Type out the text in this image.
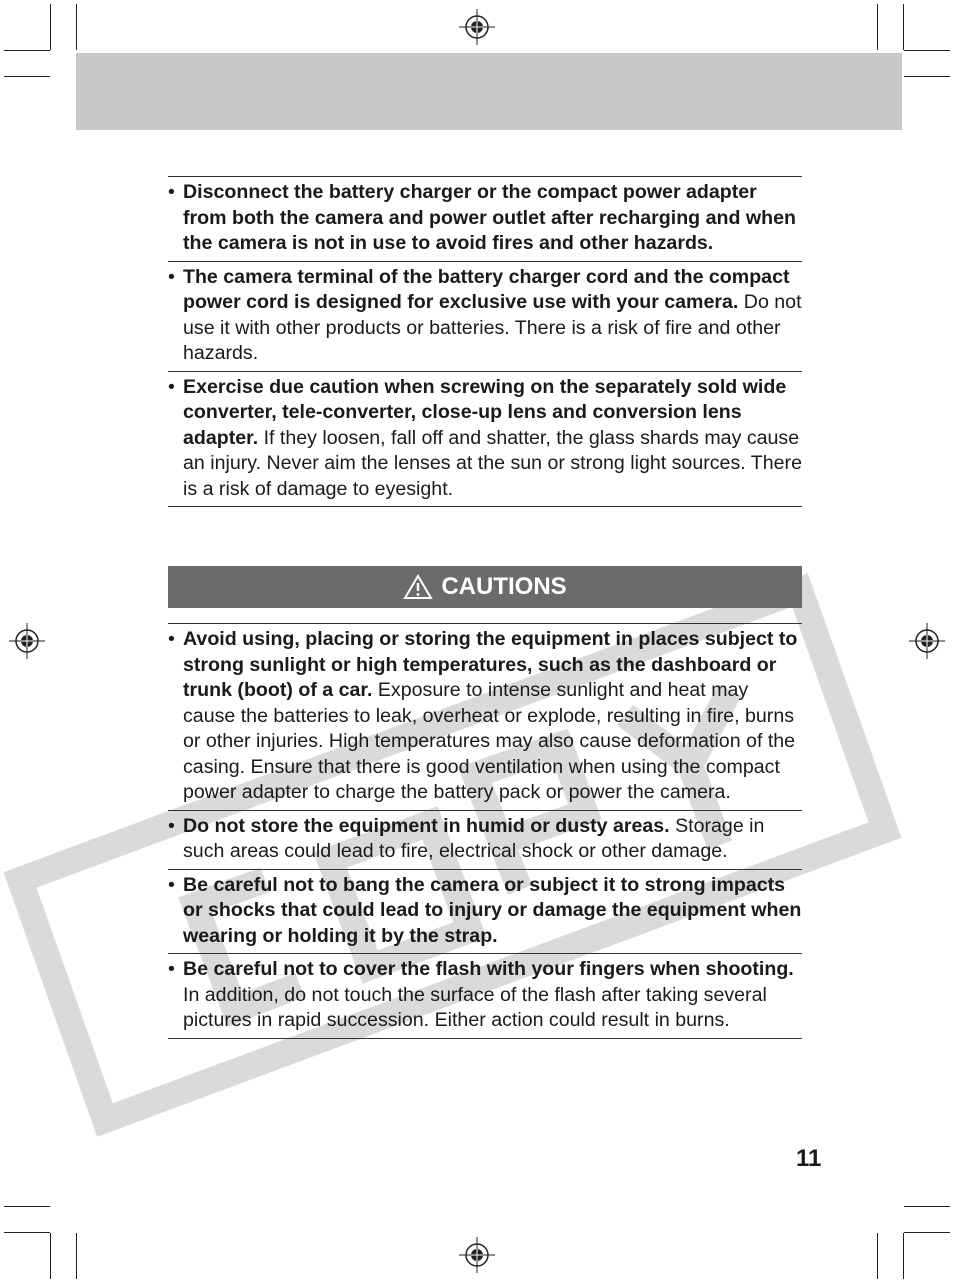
• Disconnect the battery charger or the compact power adapter from both the camera and power outlet after recharging and when the camera is not in use to avoid fires and other hazards.
• The camera terminal of the battery charger cord and the compact power cord is designed for exclusive use with your camera. Do not use it with other products or batteries. There is a risk of fire and other hazards.
• Exercise due caution when screwing on the separately sold wide converter, tele-converter, close-up lens and conversion lens adapter. If they loosen, fall off and shatter, the glass shards may cause an injury. Never aim the lenses at the sun or strong light sources. There is a risk of damage to eyesight.
CAUTIONS
• Avoid using, placing or storing the equipment in places subject to strong sunlight or high temperatures, such as the dashboard or trunk (boot) of a car. Exposure to intense sunlight and heat may cause the batteries to leak, overheat or explode, resulting in fire, burns or other injuries. High temperatures may also cause deformation of the casing. Ensure that there is good ventilation when using the compact power adapter to charge the battery pack or power the camera.
• Do not store the equipment in humid or dusty areas. Storage in such areas could lead to fire, electrical shock or other damage.
• Be careful not to bang the camera or subject it to strong impacts or shocks that could lead to injury or damage the equipment when wearing or holding it by the strap.
• Be careful not to cover the flash with your fingers when shooting. In addition, do not touch the surface of the flash after taking several pictures in rapid succession. Either action could result in burns.
11
